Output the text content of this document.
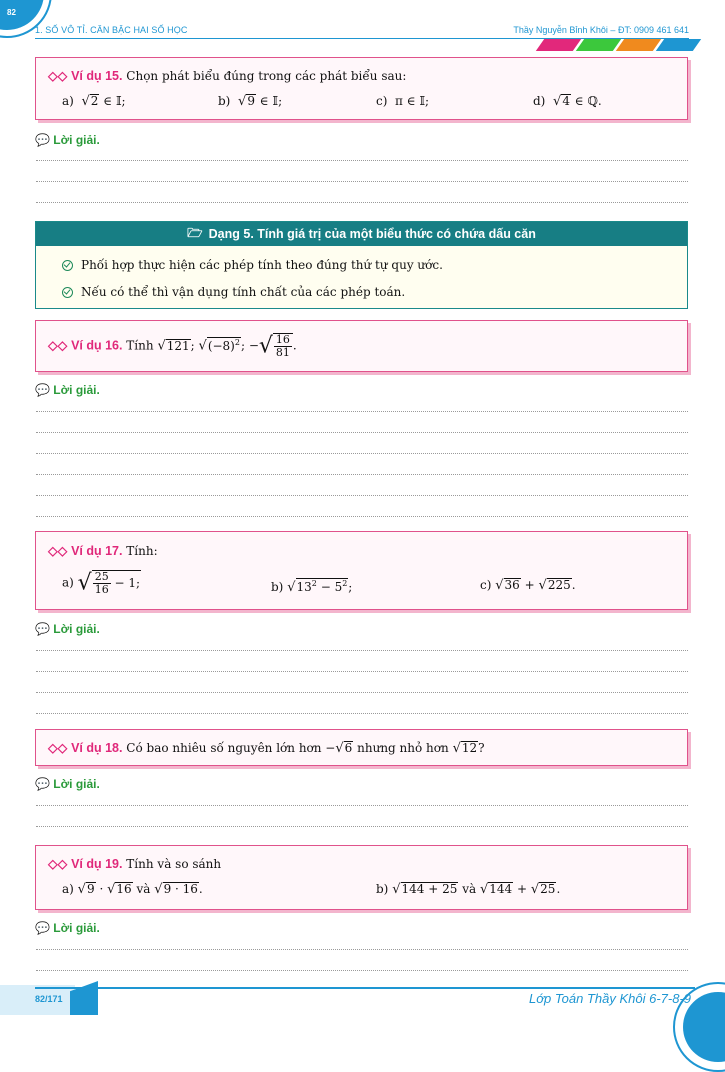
82
1. SỐ VÔ TỈ. CĂN BẬC HAI SỐ HỌC	Thầy Nguyễn Bỉnh Khôi – ĐT: 0909 461 641
◇◇ Ví dụ 15. Chọn phát biểu đúng trong các phát biểu sau:
a) √2 ∈ 𝕀;	b) √9 ∈ 𝕀;	c) π ∈ 𝕀;	d) √4 ∈ ℚ.
💬 Lời giải.
🗁 Dạng 5. Tính giá trị của một biểu thức có chứa dấu căn
Phối hợp thực hiện các phép tính theo đúng thứ tự quy ước.
Nếu có thể thì vận dụng tính chất của các phép toán.
◇◇ Ví dụ 16. Tính √121; $√(-8)^2$; −√ $\frac{16}{81}$ .
💬 Lời giải.
◇◇ Ví dụ 17. Tính:
a) √ $\frac{25}{16} - 1$;	b) $√13^2 - 5^2$;	c) √36 + √225.
💬 Lời giải.
◇◇ Ví dụ 18. Có bao nhiêu số nguyên lớn hơn −√6 nhưng nhỏ hơn √12?
💬 Lời giải.
◇◇ Ví dụ 19. Tính và so sánh
a) √9 · √16 và √9 · 16.	b) √144 + 25 và √144 + √25.
💬 Lời giải.
82/171	Lớp Toán Thầy Khôi 6-7-8-9
